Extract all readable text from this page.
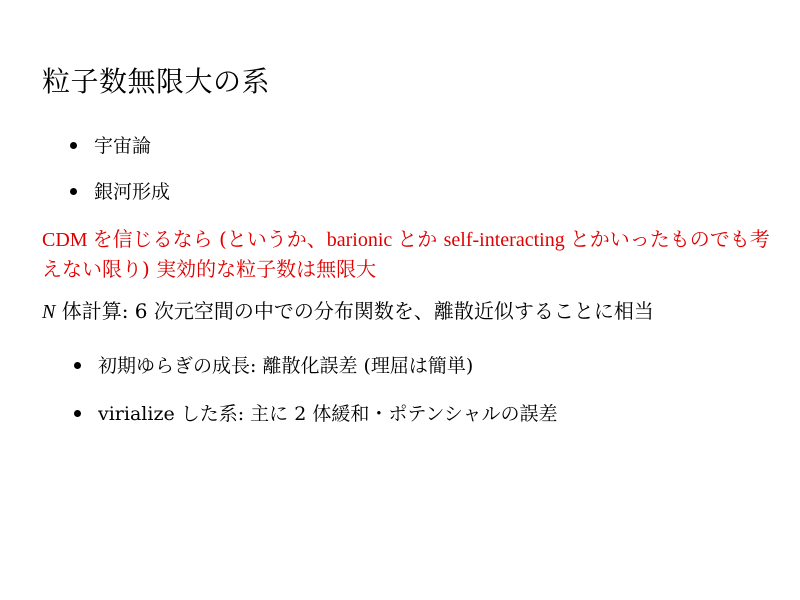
粒子数無限大の系
宇宙論
銀河形成

CDM を信じるなら (というか、barionic とか self-interacting とかいったものでも考えない限り) 実効的な粒子数は無限大

N 体計算: 6 次元空間の中での分布関数を、離散近似することに相当

初期ゆらぎの成長: 離散化誤差 (理屈は簡単)
virialize した系: 主に 2 体緩和・ポテンシャルの誤差
